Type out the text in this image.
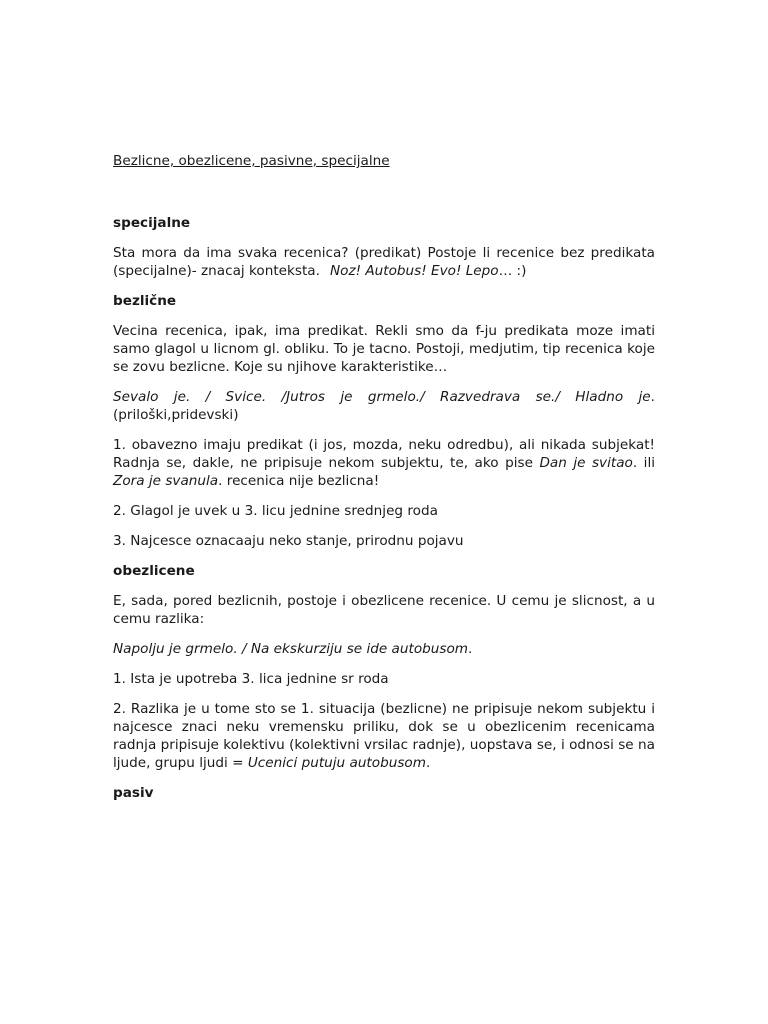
Bezlicne, obezlicene, pasivne, specijalne
specijalne

Sta mora da ima svaka recenica? (predikat) Postoje li recenice bez predikata (specijalne)- znacaj konteksta. Noz! Autobus! Evo! Lepo… :)

bezlične

Vecina recenica, ipak, ima predikat. Rekli smo da f-ju predikata moze imati samo glagol u licnom gl. obliku. To je tacno. Postoji, medjutim, tip recenica koje se zovu bezlicne. Koje su njihove karakteristike…

Sevalo je. / Svice. /Jutros je grmelo./ Razvedrava se./ Hladno je. (priloški,pridevski)

1. obavezno imaju predikat (i jos, mozda, neku odredbu), ali nikada subjekat! Radnja se, dakle, ne pripisuje nekom subjektu, te, ako pise Dan je svitao. ili Zora je svanula. recenica nije bezlicna!

2. Glagol je uvek u 3. licu jednine srednjeg roda

3. Najcesce oznacaaju neko stanje, prirodnu pojavu

obezlicene

E, sada, pored bezlicnih, postoje i obezlicene recenice. U cemu je slicnost, a u cemu razlika:

Napolju je grmelo. / Na ekskurziju se ide autobusom.

1. Ista je upotreba 3. lica jednine sr roda

2. Razlika je u tome sto se 1. situacija (bezlicne) ne pripisuje nekom subjektu i najcesce znaci neku vremensku priliku, dok se u obezlicenim recenicama radnja pripisuje kolektivu (kolektivni vrsilac radnje), uopstava se, i odnosi se na ljude, grupu ljudi = Ucenici putuju autobusom.

pasiv
